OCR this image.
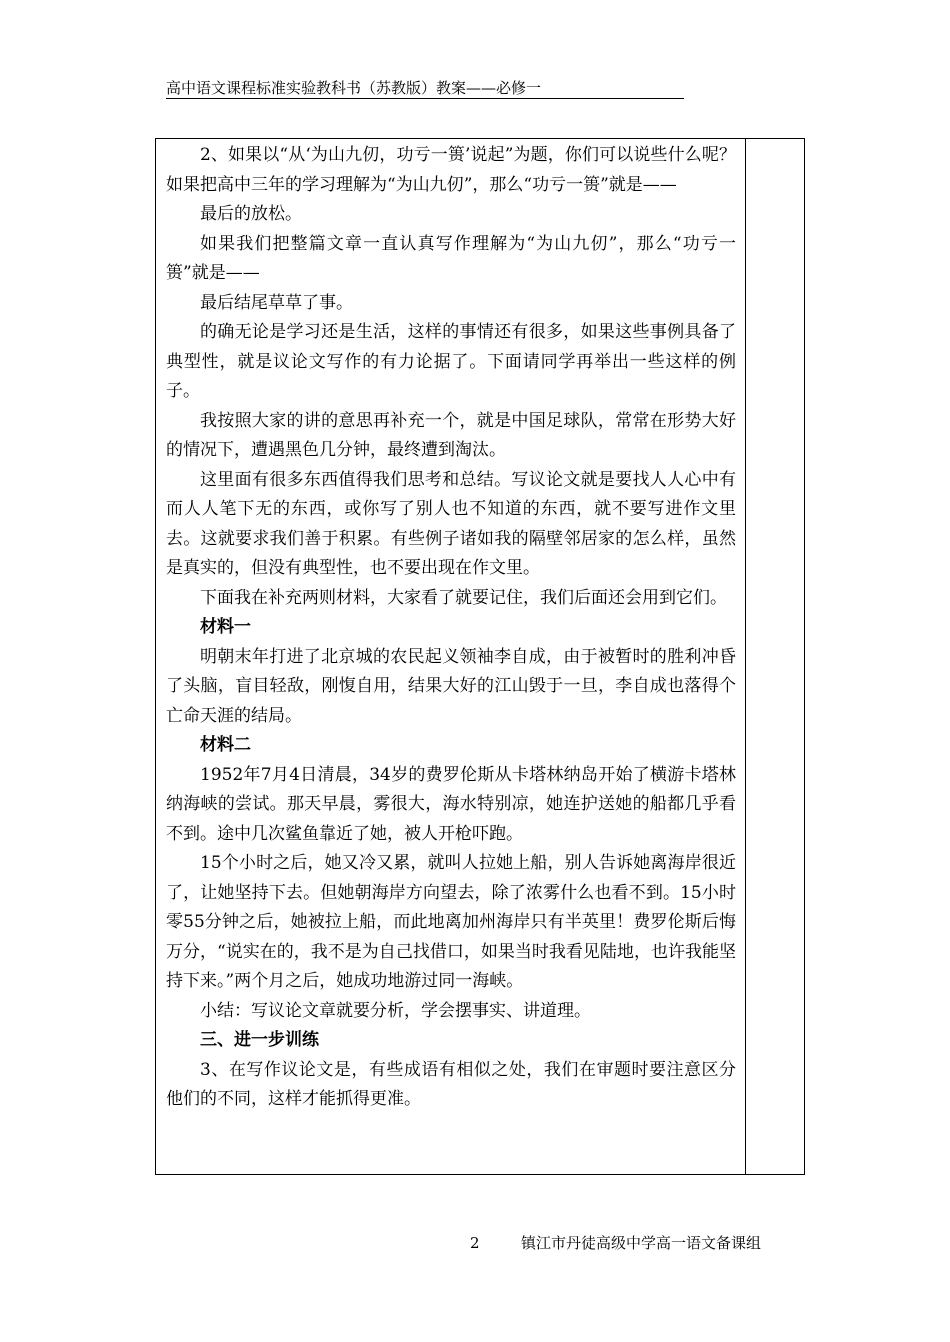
高中语文课程标准实验教科书（苏教版）教案——必修一

2、如果以“从‘为山九仞，功亏一篑’说起”为题，你们可以说些什么呢？如果把高中三年的学习理解为“为山九仞”，那么“功亏一篑”就是——

最后的放松。

如果我们把整篇文章一直认真写作理解为“为山九仞”，那么“功亏一篑”就是——

最后结尾草草了事。

的确无论是学习还是生活，这样的事情还有很多，如果这些事例具备了典型性，就是议论文写作的有力论据了。下面请同学再举出一些这样的例子。

我按照大家的讲的意思再补充一个，就是中国足球队，常常在形势大好的情况下，遭遇黑色几分钟，最终遭到淘汰。

这里面有很多东西值得我们思考和总结。写议论文就是要找人人心中有而人人笔下无的东西，或你写了别人也不知道的东西，就不要写进作文里去。这就要求我们善于积累。有些例子诸如我的隔壁邻居家的怎么样，虽然是真实的，但没有典型性，也不要出现在作文里。

下面我在补充两则材料，大家看了就要记住，我们后面还会用到它们。

材料一

明朝末年打进了北京城的农民起义领袖李自成，由于被暂时的胜利冲昏了头脑，盲目轻敌，刚愎自用，结果大好的江山毁于一旦，李自成也落得个亡命天涯的结局。

材料二

1952年7月4日清晨，34岁的费罗伦斯从卡塔林纳岛开始了横游卡塔林纳海峡的尝试。那天早晨，雾很大，海水特别凉，她连护送她的船都几乎看不到。途中几次鲨鱼靠近了她，被人开枪吓跑。

15个小时之后，她又冷又累，就叫人拉她上船，别人告诉她离海岸很近了，让她坚持下去。但她朝海岸方向望去，除了浓雾什么也看不到。15小时零55分钟之后，她被拉上船，而此地离加州海岸只有半英里！费罗伦斯后悔万分，“说实在的，我不是为自己找借口，如果当时我看见陆地，也许我能坚持下来。”两个月之后，她成功地游过同一海峡。

小结：写议论文章就要分析，学会摆事实、讲道理。

三、进一步训练

3、在写作议论文是，有些成语有相似之处，我们在审题时要注意区分他们的不同，这样才能抓得更准。

2	镇江市丹徒高级中学高一语文备课组
